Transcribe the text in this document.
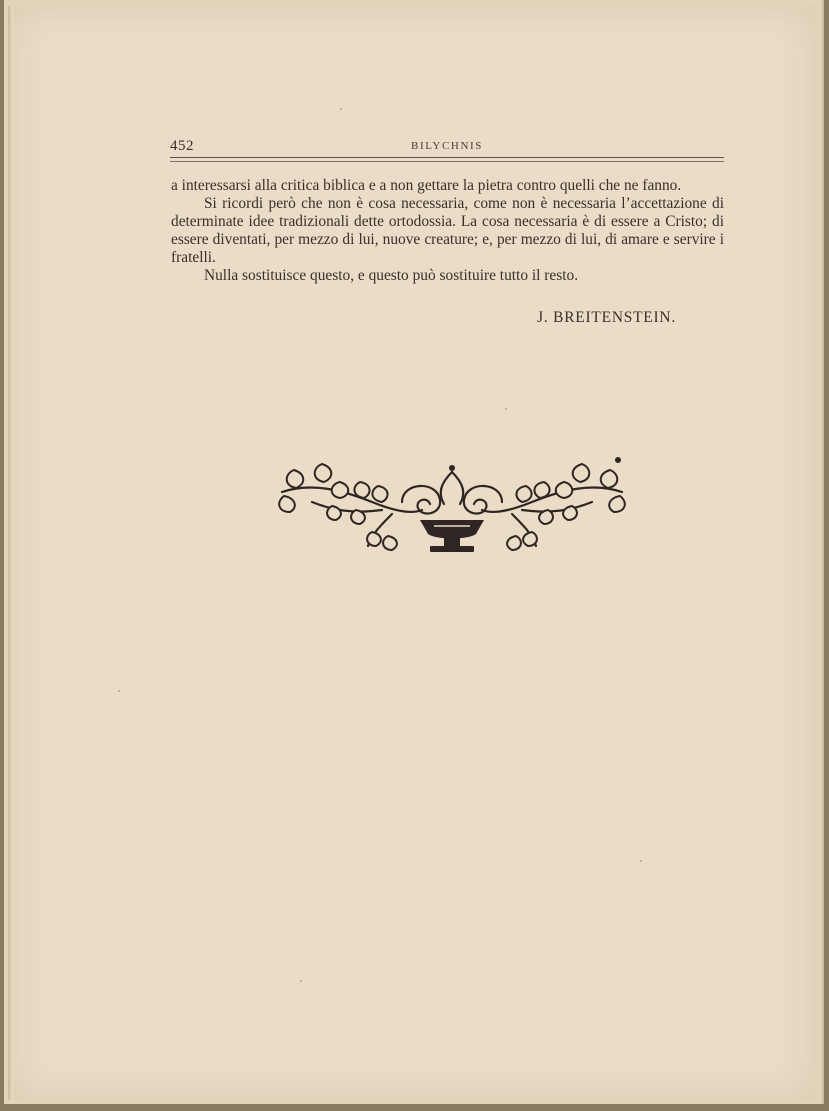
452	BILYCHNIS

a interessarsi alla critica biblica e a non gettare la pietra contro quelli che ne fanno.

Si ricordi però che non è cosa necessaria, come non è necessaria l’accettazione di determinate idee tradizionali dette ortodossia. La cosa necessaria è di essere a Cristo; di essere diventati, per mezzo di lui, nuove creature; e, per mezzo di lui, di amare e servire i fratelli.

Nulla sostituisce questo, e questo può sostituire tutto il resto.

J. BREITENSTEIN.
